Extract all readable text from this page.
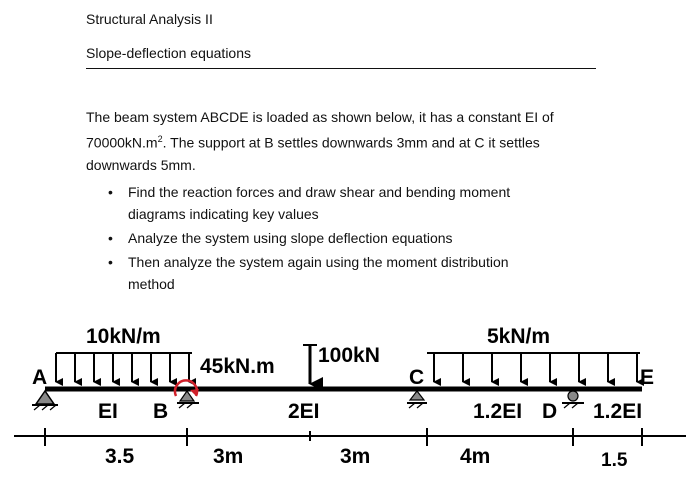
Structural Analysis II
Slope-deflection equations
The beam system ABCDE is loaded as shown below, it has a constant EI of
$70000kN.m^2$. The support at B settles downwards 3mm and at C it settles
downwards 5mm.
• Find the reaction forces and draw shear and bending moment
diagrams indicating key values
• Analyze the system using slope deflection equations
• Then analyze the system again using the moment distribution
method
10kN/m	5kN/m
100kN
45kN.m
A
B
C
D
E
EI	2EI	1.2EI	1.2EI
3.5	3m	3m	4m	1.5
